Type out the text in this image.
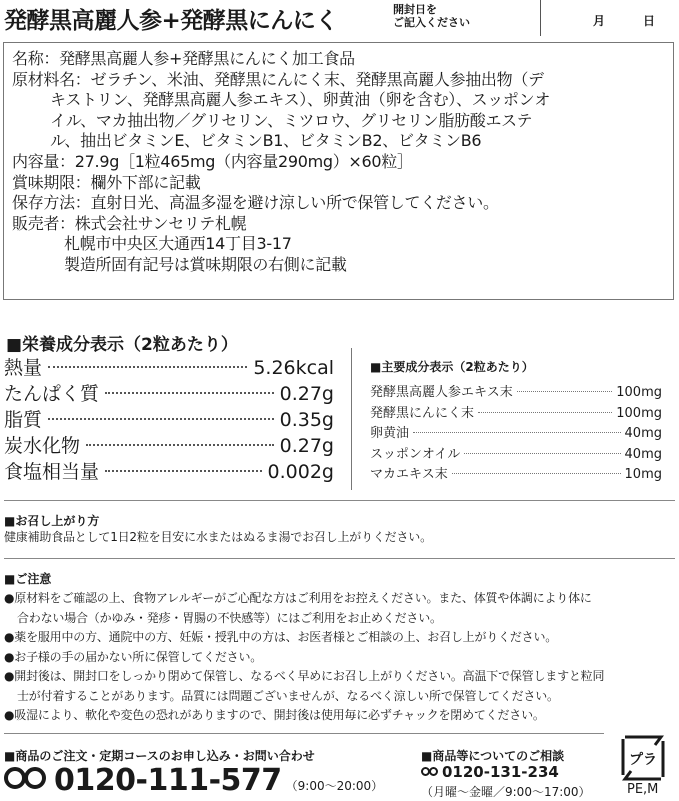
発酵黒高麗人参+発酵黒にんにく	開封日を
ご記入ください	月	日
名称：発酵黒高麗人参+発酵黒にんにく加工食品
原材料名：ゼラチン、米油、発酵黒にんにく末、発酵黒高麗人参抽出物（デ
キストリン、発酵黒高麗人参エキス）、卵黄油（卵を含む）、スッポンオ
イル、マカ抽出物／グリセリン、ミツロウ、グリセリン脂肪酸エステ
ル、抽出ビタミンE、ビタミンB1、ビタミンB2、ビタミンB6
内容量：27.9g［1粒465mg（内容量290mg）×60粒］
賞味期限：欄外下部に記載
保存方法：直射日光、高温多湿を避け涼しい所で保管してください。
販売者：株式会社サンセリテ札幌
札幌市中央区大通西14丁目3-17
製造所固有記号は賞味期限の右側に記載
■栄養成分表示（2粒あたり）
熱量	5.26kcal
たんぱく質	0.27g
脂質	0.35g
炭水化物	0.27g
食塩相当量	0.002g
■主要成分表示（2粒あたり）
発酵黒高麗人参エキス末	100mg
発酵黒にんにく末	100mg
卵黄油	40mg
スッポンオイル	40mg
マカエキス末	10mg
■お召し上がり方
健康補助食品として1日2粒を目安に水またはぬるま湯でお召し上がりください。
■ご注意
●原材料をご確認の上、食物アレルギーがご心配な方はご利用をお控えください。また、体質や体調により体に
合わない場合（かゆみ・発疹・胃腸の不快感等）にはご利用をお止めください。
●薬を服用中の方、通院中の方、妊娠・授乳中の方は、お医者様とご相談の上、お召し上がりください。
●お子様の手の届かない所に保管してください。
●開封後は、開封口をしっかり閉めて保管し、なるべく早めにお召し上がりください。高温下で保管しますと粒同
士が付着することがあります。品質には問題ございませんが、なるべく涼しい所で保管してください。
●吸湿により、軟化や変色の恐れがありますので、開封後は使用毎に必ずチャックを閉めてください。
■商品のご注文・定期コースのお申し込み・お問い合わせ
0120-111-577 （9:00〜20:00）
■商品等についてのご相談
0120-131-234
（月曜〜金曜／9:00〜17:00）
プラ
PE,M
